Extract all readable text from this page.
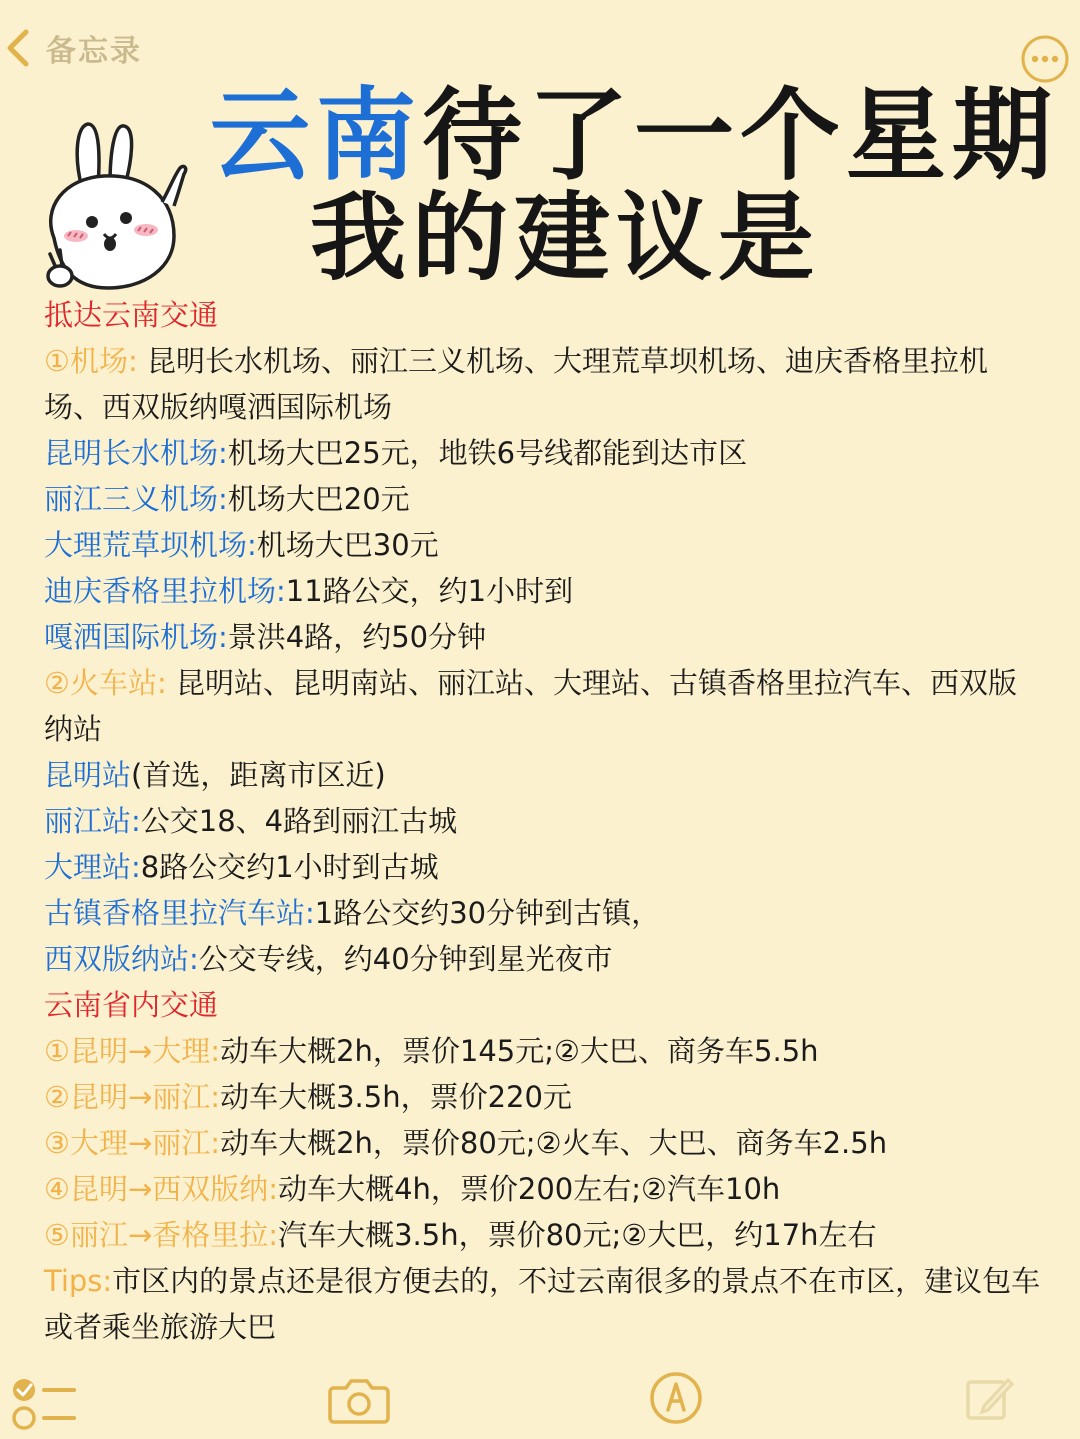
备忘录
云南待了一个星期
我的建议是
抵达云南交通
①机场: 昆明长水机场、丽江三义机场、大理荒草坝机场、迪庆香格里拉机场、西双版纳嘎洒国际机场
昆明长水机场:机场大巴25元，地铁6号线都能到达市区
丽江三义机场:机场大巴20元
大理荒草坝机场:机场大巴30元
迪庆香格里拉机场:11路公交，约1小时到
嘎洒国际机场:景洪4路，约50分钟
②火车站: 昆明站、昆明南站、丽江站、大理站、古镇香格里拉汽车、西双版纳站
昆明站(首选，距离市区近)
丽江站:公交18、4路到丽江古城
大理站:8路公交约1小时到古城
古镇香格里拉汽车站:1路公交约30分钟到古镇，
西双版纳站:公交专线，约40分钟到星光夜市
云南省内交通
①昆明→大理:动车大概2h，票价145元;②大巴、商务车5.5h
②昆明→丽江:动车大概3.5h，票价220元
③大理→丽江:动车大概2h，票价80元;②火车、大巴、商务车2.5h
④昆明→西双版纳:动车大概4h，票价200左右;②汽车10h
⑤丽江→香格里拉:汽车大概3.5h，票价80元;②大巴，约17h左右
Tips:市区内的景点还是很方便去的，不过云南很多的景点不在市区，建议包车或者乘坐旅游大巴
